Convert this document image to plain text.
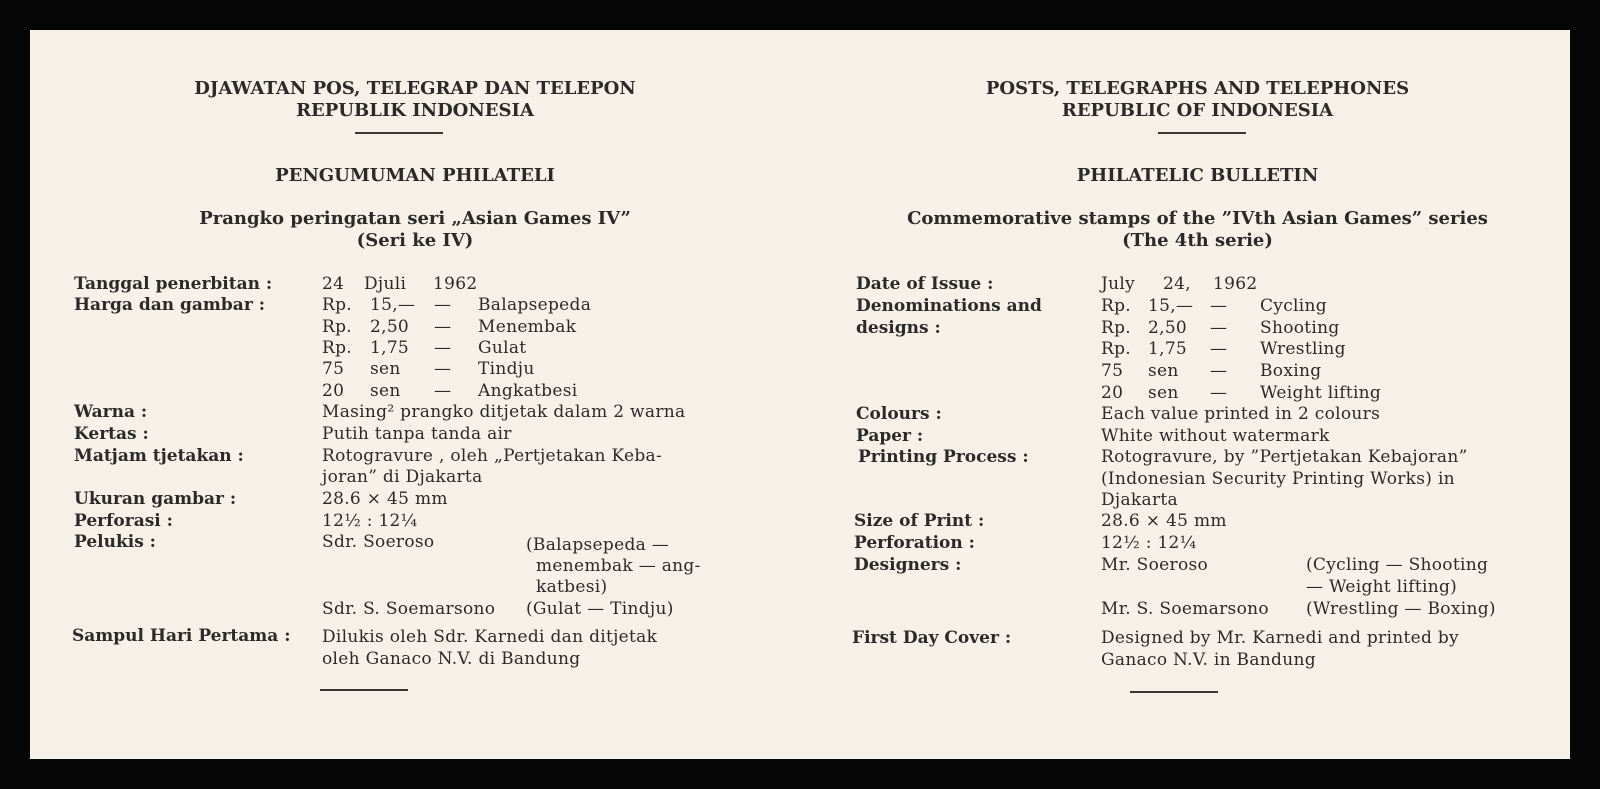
DJAWATAN POS, TELEGRAP DAN TELEPON
REPUBLIK INDONESIA
PENGUMUMAN PHILATELI
Prangko peringatan seri „Asian Games IV”
(Seri ke IV)
Tanggal penerbitan :
Harga dan gambar :
Warna :
Kertas :
Matjam tjetakan :
Ukuran gambar :
Perforasi :
Pelukis :
Sampul Hari Pertama :
24 Djuli 1962
Rp. 15,— — Balapsepeda
Rp. 2,50 — Menembak
Rp. 1,75 — Gulat
75 sen — Tindju
20 sen — Angkatbesi
Masing² prangko ditjetak dalam 2 warna
Putih tanpa tanda air
Rotogravure , oleh „Pertjetakan Keba-
joran” di Djakarta
28.6 × 45 mm
12½ : 12¼
Sdr. Soeroso	(Balapsepeda —
menembak — ang-
katbesi)
Sdr. S. Soemarsono (Gulat — Tindju)
Dilukis oleh Sdr. Karnedi dan ditjetak
oleh Ganaco N.V. di Bandung
POSTS, TELEGRAPHS AND TELEPHONES
REPUBLIC OF INDONESIA
PHILATELIC BULLETIN
Commemorative stamps of the ”IVth Asian Games” series
(The 4th serie)
Date of Issue :
Denominations and
designs :
Colours :
Paper :
Printing Process :
Size of Print :
Perforation :
Designers :
First Day Cover :
July 24, 1962
Rp. 15,— — Cycling
Rp. 2,50 — Shooting
Rp. 1,75 — Wrestling
75 sen — Boxing
20 sen — Weight lifting
Each value printed in 2 colours
White without watermark
Rotogravure, by ”Pertjetakan Kebajoran”
(Indonesian Security Printing Works) in
Djakarta
28.6 × 45 mm
12½ : 12¼
Mr. Soeroso	(Cycling — Shooting
— Weight lifting)
Mr. S. Soemarsono (Wrestling — Boxing)
Designed by Mr. Karnedi and printed by
Ganaco N.V. in Bandung
